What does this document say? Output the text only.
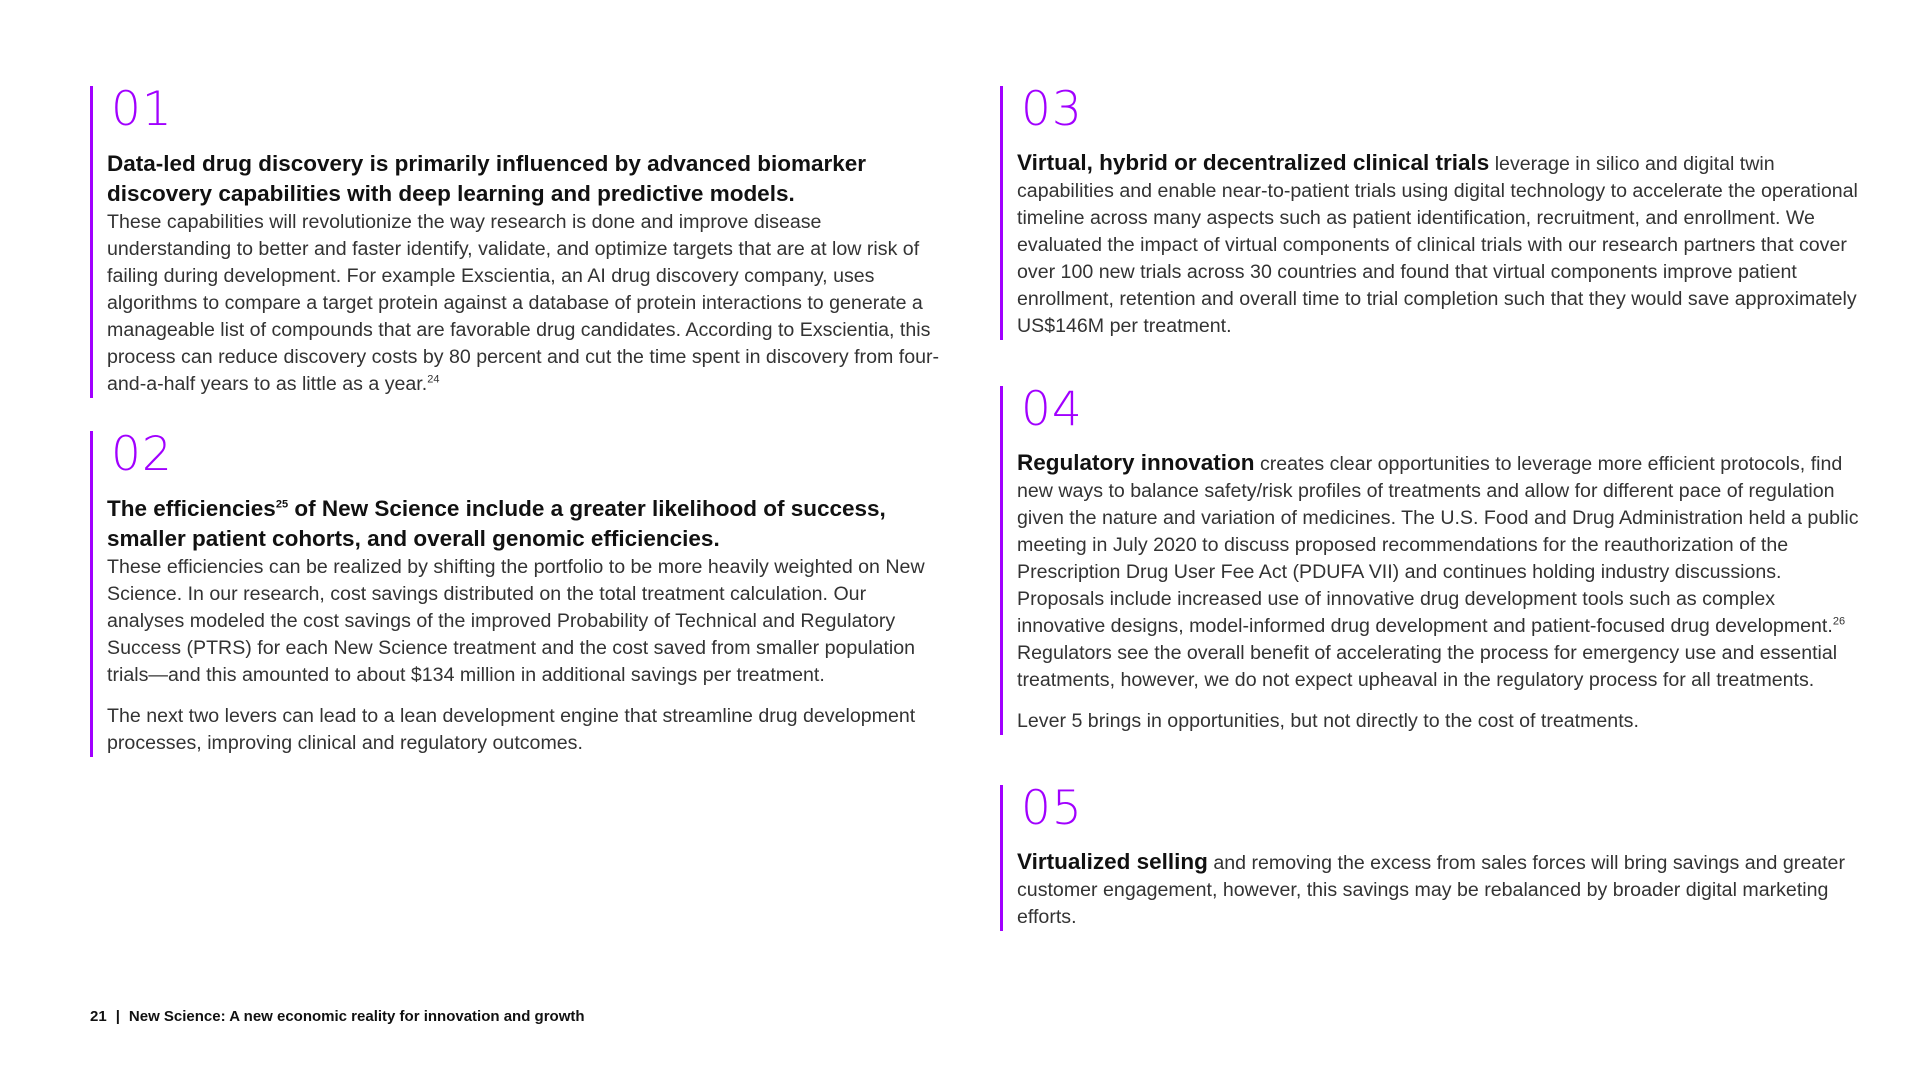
01

Data-led drug discovery is primarily influenced by advanced biomarker discovery capabilities with deep learning and predictive models.

These capabilities will revolutionize the way research is done and improve disease understanding to better and faster identify, validate, and optimize targets that are at low risk of failing during development. For example Exscientia, an AI drug discovery company, uses algorithms to compare a target protein against a database of protein interactions to generate a manageable list of compounds that are favorable drug candidates. According to Exscientia, this process can reduce discovery costs by 80 percent and cut the time spent in discovery from four-and-a-half years to as little as a year.$^{24}$

02

The efficiencies$^{25}$ of New Science include a greater likelihood of success, smaller patient cohorts, and overall genomic efficiencies.

These efficiencies can be realized by shifting the portfolio to be more heavily weighted on New Science. In our research, cost savings distributed on the total treatment calculation. Our analyses modeled the cost savings of the improved Probability of Technical and Regulatory Success (PTRS) for each New Science treatment and the cost saved from smaller population trials—and this amounted to about $134 million in additional savings per treatment.

The next two levers can lead to a lean development engine that streamline drug development processes, improving clinical and regulatory outcomes.

03

Virtual, hybrid or decentralized clinical trials leverage in silico and digital twin capabilities and enable near-to-patient trials using digital technology to accelerate the operational timeline across many aspects such as patient identification, recruitment, and enrollment. We evaluated the impact of virtual components of clinical trials with our research partners that cover over 100 new trials across 30 countries and found that virtual components improve patient enrollment, retention and overall time to trial completion such that they would save approximately US$146M per treatment.

04

Regulatory innovation creates clear opportunities to leverage more efficient protocols, find new ways to balance safety/risk profiles of treatments and allow for different pace of regulation given the nature and variation of medicines. The U.S. Food and Drug Administration held a public meeting in July 2020 to discuss proposed recommendations for the reauthorization of the Prescription Drug User Fee Act (PDUFA VII) and continues holding industry discussions. Proposals include increased use of innovative drug development tools such as complex innovative designs, model-informed drug development and patient-focused drug development.$^{26}$ Regulators see the overall benefit of accelerating the process for emergency use and essential treatments, however, we do not expect upheaval in the regulatory process for all treatments.

Lever 5 brings in opportunities, but not directly to the cost of treatments.

05

Virtualized selling and removing the excess from sales forces will bring savings and greater customer engagement, however, this savings may be rebalanced by broader digital marketing efforts.

21 | New Science: A new economic reality for innovation and growth
